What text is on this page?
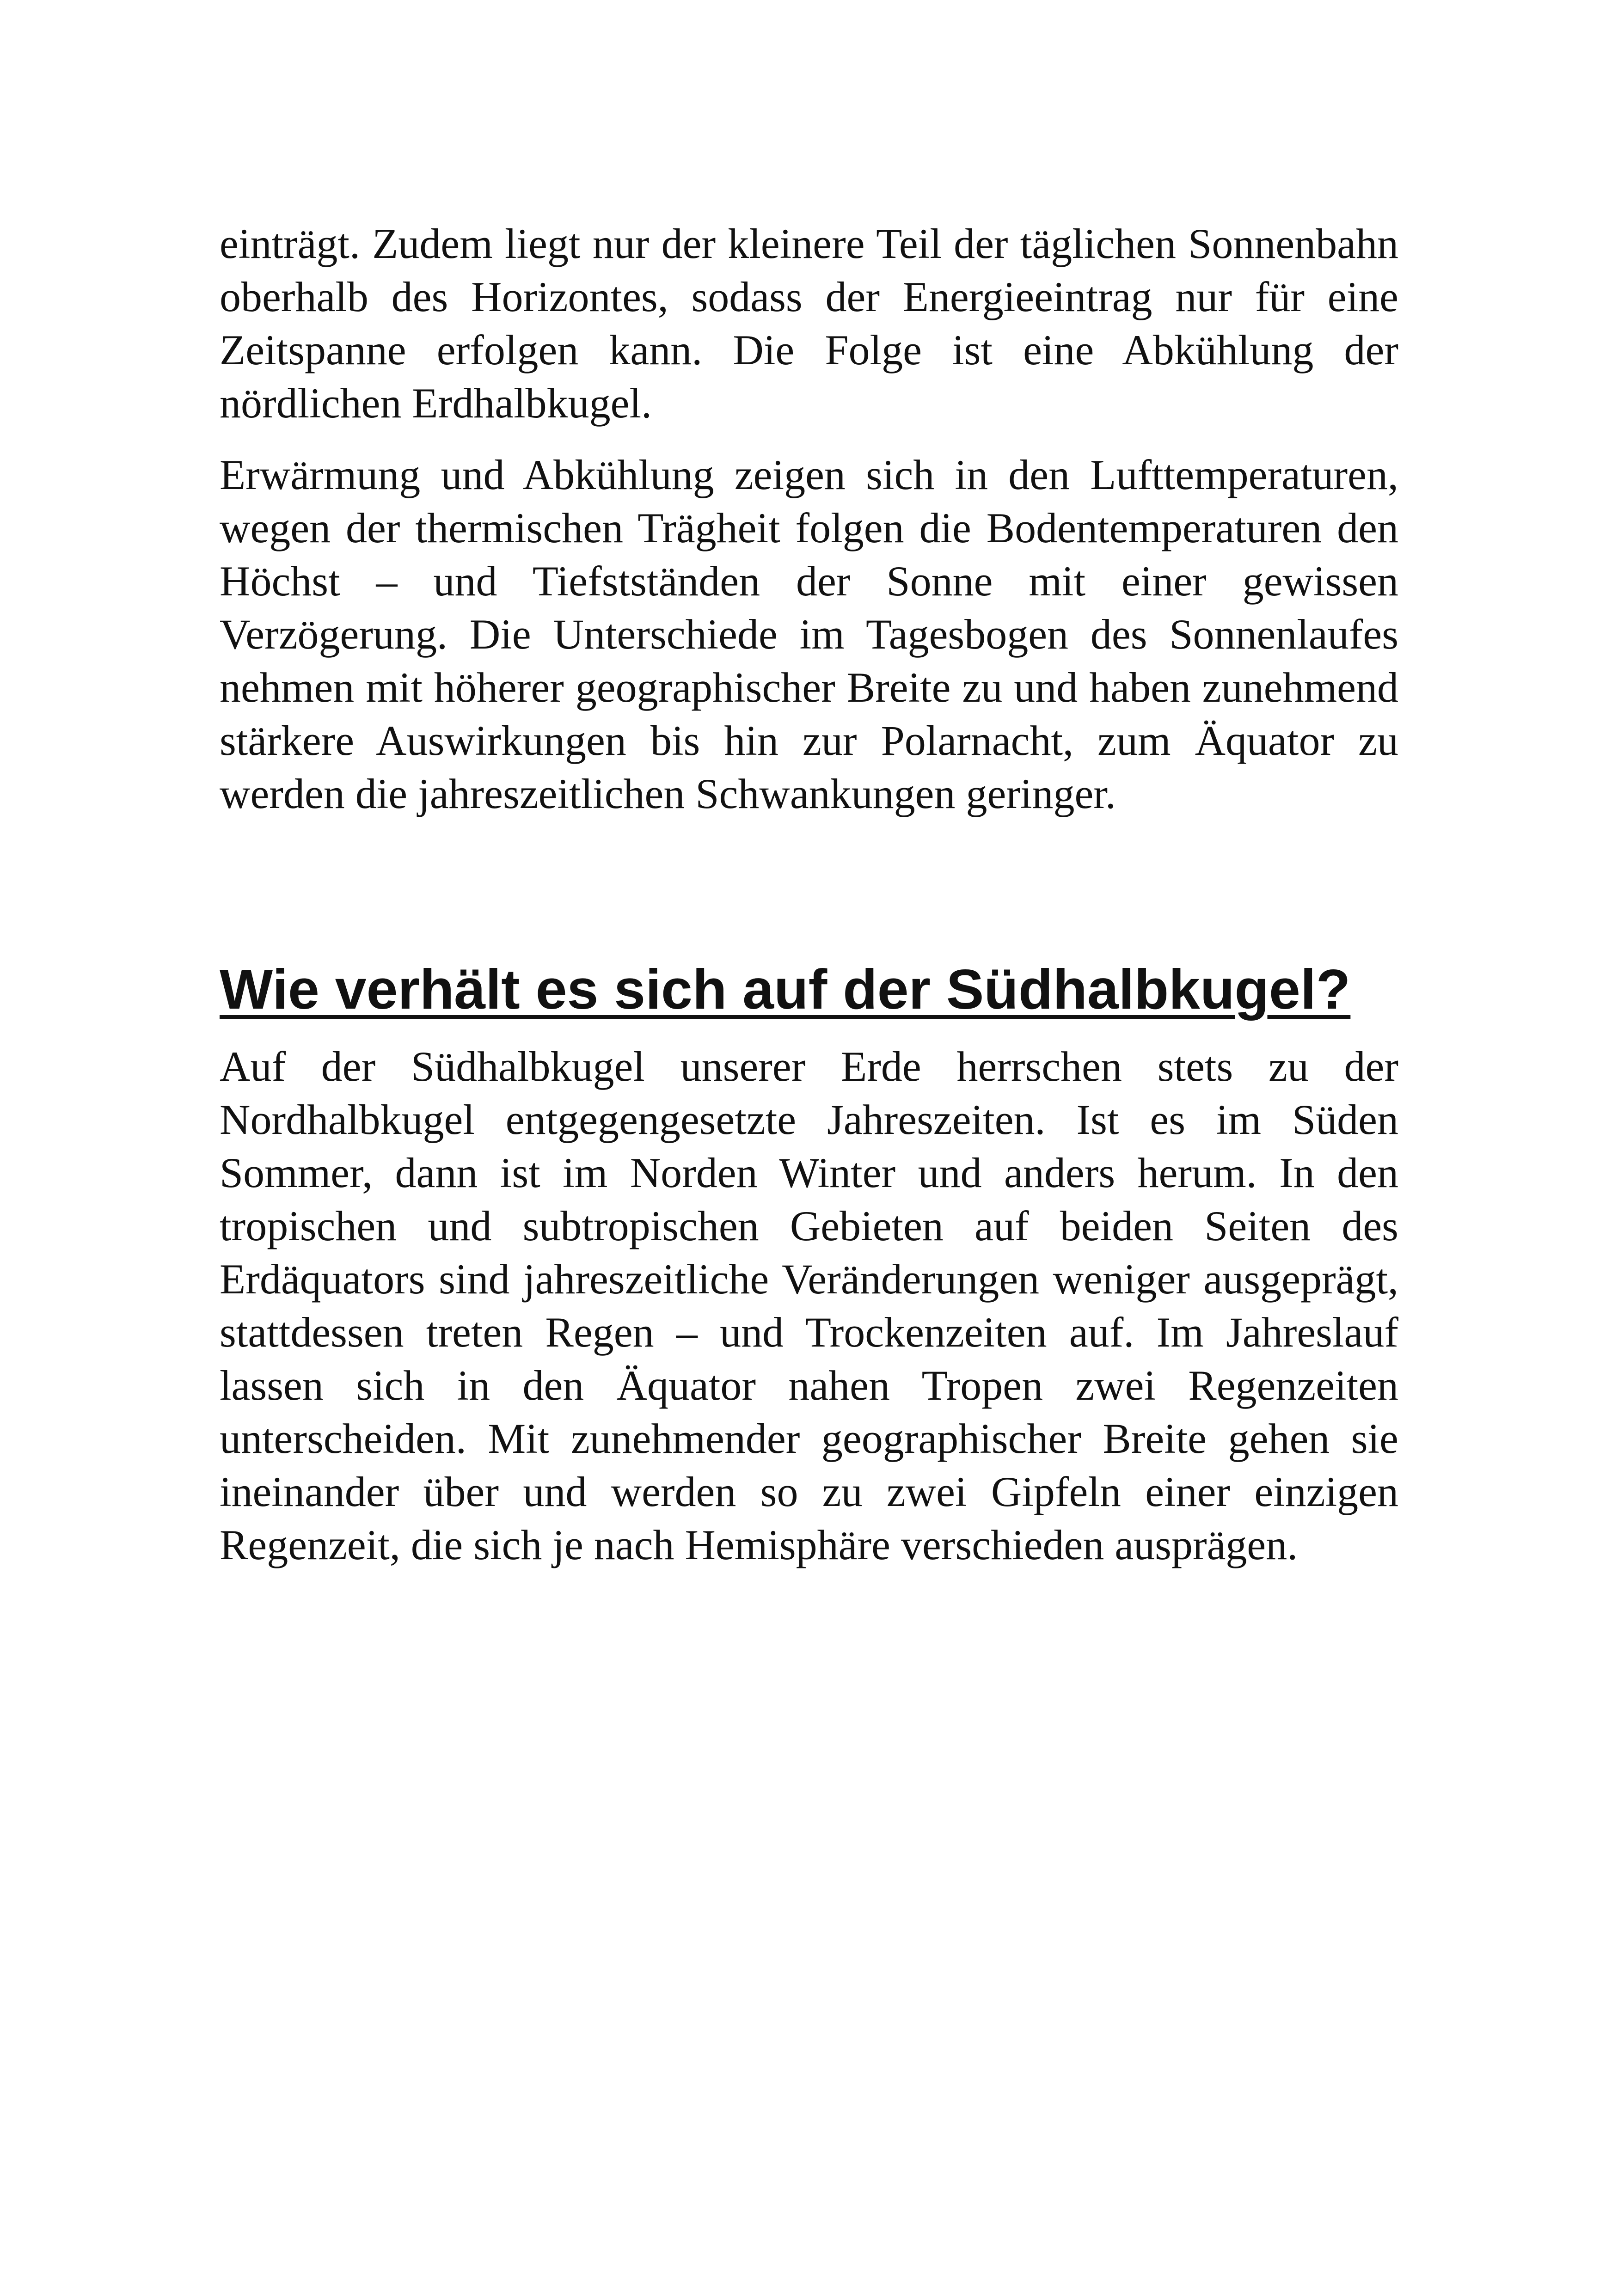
einträgt. Zudem liegt nur der kleinere Teil der täglichen Sonnenbahn oberhalb des Horizontes, sodass der Energieeintrag nur für eine Zeitspanne erfolgen kann. Die Folge ist eine Abkühlung der nördlichen Erdhalbkugel.

Erwärmung und Abkühlung zeigen sich in den Lufttemperaturen, wegen der thermischen Trägheit folgen die Bodentemperaturen den Höchst – und Tiefstständen der Sonne mit einer gewissen Verzögerung. Die Unterschiede im Tagesbogen des Sonnenlaufes nehmen mit höherer geographischer Breite zu und haben zunehmend stärkere Auswirkungen bis hin zur Polarnacht, zum Äquator zu werden die jahreszeitlichen Schwankungen geringer.

Wie verhält es sich auf der Südhalbkugel?

Auf der Südhalbkugel unserer Erde herrschen stets zu der Nordhalbkugel entgegengesetzte Jahreszeiten. Ist es im Süden Sommer, dann ist im Norden Winter und anders herum. In den tropischen und subtropischen Gebieten auf beiden Seiten des Erdäquators sind jahreszeitliche Veränderungen weniger ausgeprägt, stattdessen treten Regen – und Trockenzeiten auf. Im Jahreslauf lassen sich in den Äquator nahen Tropen zwei Regenzeiten unterscheiden. Mit zunehmender geographischer Breite gehen sie ineinander über und werden so zu zwei Gipfeln einer einzigen Regenzeit, die sich je nach Hemisphäre verschieden ausprägen.
